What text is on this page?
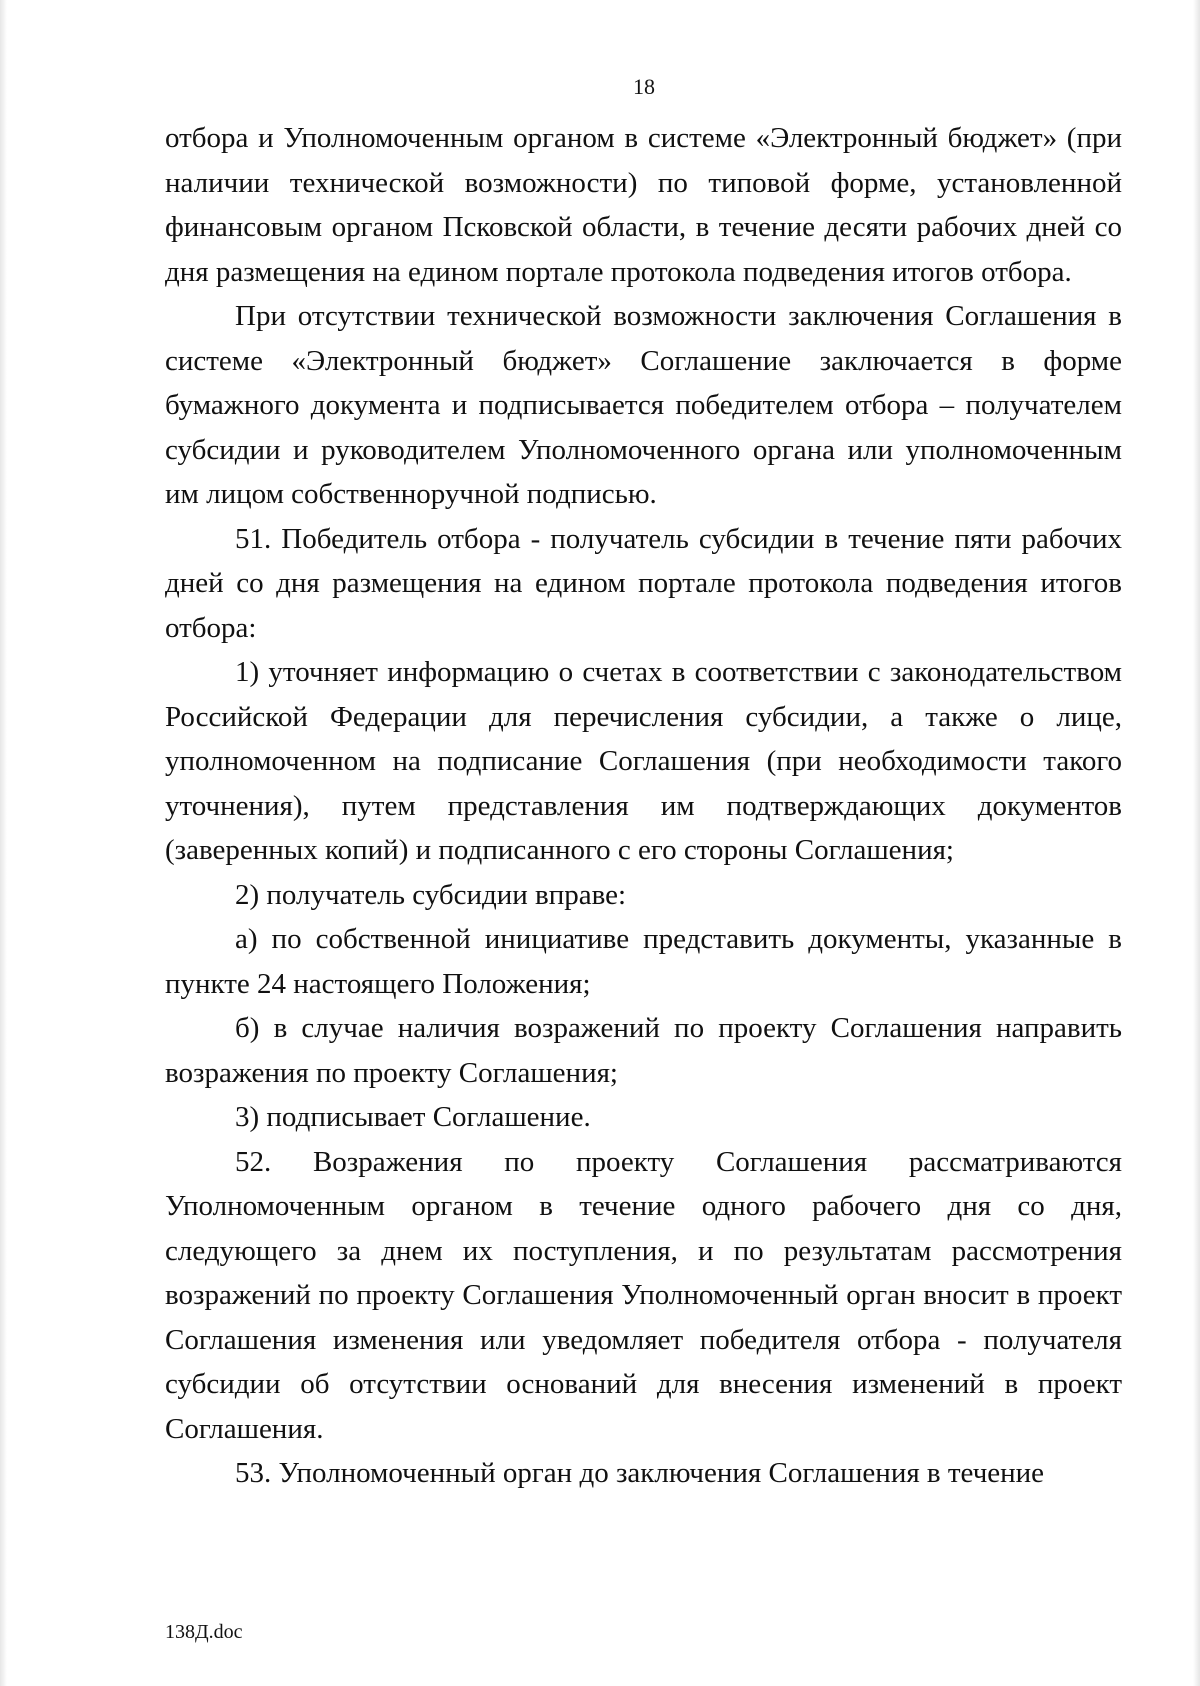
18

отбора и Уполномоченным органом в системе «Электронный бюджет» (при наличии технической возможности) по типовой форме, установленной финансовым органом Псковской области, в течение десяти рабочих дней со дня размещения на едином портале протокола подведения итогов отбора.

При отсутствии технической возможности заключения Соглашения в системе «Электронный бюджет» Соглашение заключается в форме бумажного документа и подписывается победителем отбора – получателем субсидии и руководителем Уполномоченного органа или уполномоченным им лицом собственноручной подписью.

51. Победитель отбора - получатель субсидии в течение пяти рабочих дней со дня размещения на едином портале протокола подведения итогов отбора:

1) уточняет информацию о счетах в соответствии с законодательством Российской Федерации для перечисления субсидии, а также о лице, уполномоченном на подписание Соглашения (при необходимости такого уточнения), путем представления им подтверждающих документов (заверенных копий) и подписанного с его стороны Соглашения;

2) получатель субсидии вправе:

а) по собственной инициативе представить документы, указанные в пункте 24 настоящего Положения;

б) в случае наличия возражений по проекту Соглашения направить возражения по проекту Соглашения;

3) подписывает Соглашение.

52. Возражения по проекту Соглашения рассматриваются Уполномоченным органом в течение одного рабочего дня со дня, следующего за днем их поступления, и по результатам рассмотрения возражений по проекту Соглашения Уполномоченный орган вносит в проект Соглашения изменения или уведомляет победителя отбора - получателя субсидии об отсутствии оснований для внесения изменений в проект Соглашения.

53. Уполномоченный орган до заключения Соглашения в течение

138Д.doc
